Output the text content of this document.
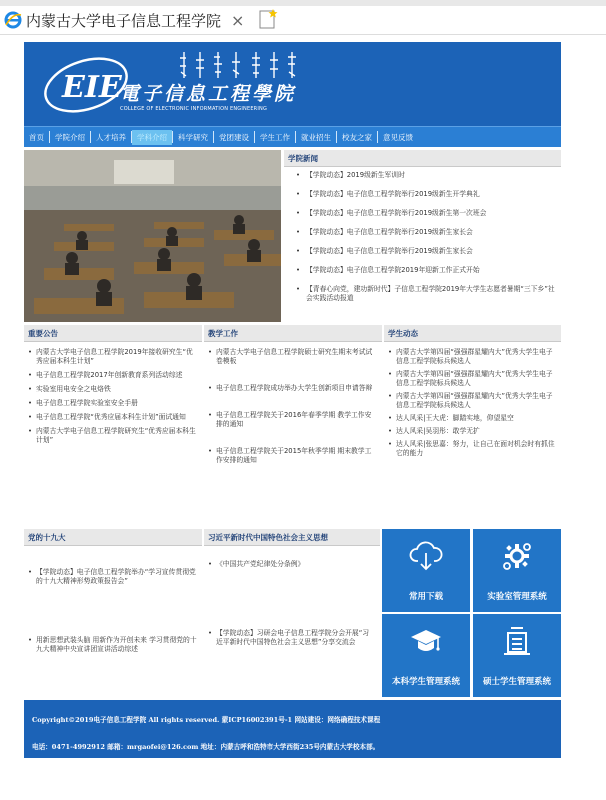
内蒙古大学电子信息工程学院 ×
EIE
電子信息工程學院
COLLEGE OF ELECTRONIC INFORMATION ENGINEERING
首页	学院介绍	人才培养	学科介绍	科学研究	党团建设	学生工作	就业招生	校友之家	意见反馈
学院新闻
• 【学院动态】2019级新生军训时
• 【学院动态】电子信息工程学院举行2019级新生开学典礼
• 【学院动态】电子信息工程学院举行2019级新生第一次班会
• 【学院动态】电子信息工程学院举行2019级新生家长会
• 【学院动态】电子信息工程学院举行2019级新生家长会
• 【学院动态】电子信息工程学院2019年迎新工作正式开始
• 【青春心向党，建功新时代】子信息工程学院2019年大学生志愿者暑期“三下乡”社会实践活动报道
重要公告
• 内蒙古大学电子信息工程学院2019年接收研究生“优秀应届本科生计划”
• 电子信息工程学院2017年创新教育系列活动综述
• 实验室用电安全之电烙铁
• 电子信息工程学院实验室安全手册
• 电子信息工程学院“优秀应届本科生计划”面试通知
• 内蒙古大学电子信息工程学院研究生“优秀应届本科生计划”
教学工作
• 内蒙古大学电子信息工程学院硕士研究生期末考试试卷模板
• 电子信息工程学院成功举办大学生创新项目申请答辩
• 电子信息工程学院关于2016年春季学期 教学工作安排的通知
• 电子信息工程学院关于2015年秋季学期 期末教学工作安排的通知
学生动态
• 内蒙古大学第四届“强强群星耀内大”优秀大学生电子信息工程学院标兵候选人
• 内蒙古大学第四届“强强群星耀内大”优秀大学生电子信息工程学院标兵候选人
• 内蒙古大学第四届“强强群星耀内大”优秀大学生电子信息工程学院标兵候选人
• 达人风采|王大虎：脚踏实地，仰望星空
• 达人风采|吴羽彤：敢学无扩
• 达人风采|张思嘉：努力，让自己在面对机会时有抓住它的能力
党的十九大
• 【学院动态】电子信息工程学院举办“学习宣传贯彻党的十九大精神形势政策报告会”
• 用新思想武装头脑 用新作为开创未来 学习贯彻党的十九大精神中央宣讲团宣讲活动综述
习近平新时代中国特色社会主义思想
• 《中国共产党纪律处分条例》
• 【学院动态】习研会电子信息工程学院分会开展“习近平新时代中国特色社会主义思想”分享交流会
常用下载	实验室管理系统
本科学生管理系统	硕士学生管理系统
Copyright©2019电子信息工程学院 All rights reserved. 蒙ICP16002391号-1 网站建设：网络确程技术课程
电话：0471-4992912 邮箱：mrgaofei@126.com 地址：内蒙古呼和浩特市大学西街235号内蒙古大学校本部。
